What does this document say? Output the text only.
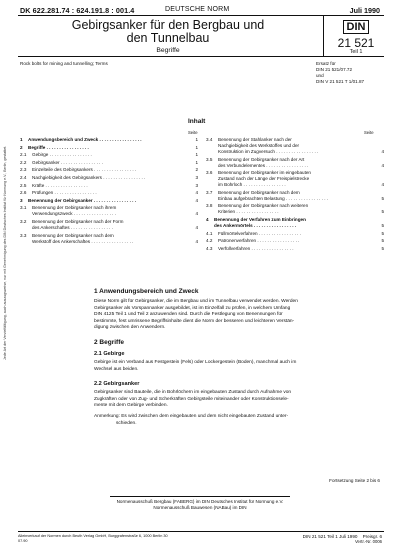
DK 622.281.74 : 624.191.8 : 001.4	DEUTSCHE NORM	Juli 1990
Gebirgsanker für den Bergbau und
den Tunnelbau
Begriffe
DIN
21 521
Teil 1
Rock bolts for mining and tunnelling; Terms	Ersatz für
DIN 21 521/07.72
und
DIN V 21 521 T 1/01.87
Inhalt
Seite	Seite
1 Anwendungsbereich und Zweck . . . . . . . . . . . . . . . . .	1
2 Begriffe . . . . . . . . . . . . . . . . .	1
2.1 Gebirge . . . . . . . . . . . . . . . . .	1
2.2 Gebirgsanker . . . . . . . . . . . . . . . . .	1
2.3 Einzelteile des Gebirgsankers . . . . . . . . . . . . . . . . .	2
2.4 Nachgiebigkeit des Gebirgsankers . . . . . . . . . . . . . . . . .	3
2.5 Kräfte . . . . . . . . . . . . . . . . .	3
2.6 Prüfungen . . . . . . . . . . . . . . . . .	4
3 Benennung der Gebirgsanker . . . . . . . . . . . . . . . . .	4
3.1 Benennung der Gebirgsanker nach ihrem
Verwendungszweck . . . . . . . . . . . . . . . . .	4
3.2 Benennung der Gebirgsanker nach der Form
des Ankerschaftes . . . . . . . . . . . . . . . . .	4
3.3 Benennung der Gebirgsanker nach dem
Werkstoff des Ankerschaftes . . . . . . . . . . . . . . . . .	4
3.4 Benennung der Stahlanker nach der
Nachgiebigkeit des Werkstoffes und der
Konstruktion im Zugversuch . . . . . . . . . . . . . . . . .	4
3.5 Benennung der Gebirgsanker nach der Art
des Verbundelementes . . . . . . . . . . . . . . . . .	4
3.6 Benennung der Gebirgsanker im eingebauten
Zustand nach der Länge der Freispielstrecke
im Bohrloch . . . . . . . . . . . . . . . . .	4
3.7 Benennung der Gebirgsanker nach dem
Einbau aufgebrachten Belastung . . . . . . . . . . . . . . . . .	5
3.8 Benennung der Gebirgsanker nach weiteren
Kriterien . . . . . . . . . . . . . . . . .	5
4 Benennung der Verfahren zum Einbringen
des Ankermörtels . . . . . . . . . . . . . . . . .	5
4.1 Füllmörtelverfahren . . . . . . . . . . . . . . . . .	5
4.2 Patronenverfahren . . . . . . . . . . . . . . . . .	5
4.3 Verfüllverfahren . . . . . . . . . . . . . . . . .	5
1 Anwendungsbereich und Zweck
Diese Norm gilt für Gebirgsanker, die im Bergbau und im Tunnelbau verwendet werden. Werden
Gebirgsanker als Vorspannanker ausgebildet, ist im Einzelfall zu prüfen, in welchem Umfang
DIN 4125 Teil 1 und Teil 2 anzuwenden sind. Durch die Festlegung von Benennungen für
bestimmte, fest umrissene Begriffsinhalte dient die Norm der besseren und leichteren Verstän-
digung zwischen den Anwendern.
2 Begriffe
2.1 Gebirge
Gebirge ist ein Verband aus Festgestein (Fels) oder Lockergestein (Boden), manchmal auch im
Wechsel aus beiden.
2.2 Gebirgsanker
Gebirgsanker sind Bauteile, die in Bohrlöchern im eingebauten Zustand durch Aufnahme von
Zugkräften oder von Zug- und Scherkräften Gebirgsteile miteinander oder Konstruktionsele-
mente mit dem Gebirge verbinden.
Anmerkung: Es wird zwischen dem eingebauten und dem nicht eingebauten Zustand unter-
schieden.
Fortsetzung Seite 2 bis 6
Normenausschuß Bergbau (FABERG) im DIN Deutsches Institut für Normung e.V.
Normenausschuß Bauwesen (NABau) im DIN
Alleinverkauf der Normen durch Beuth Verlag GmbH, Burggrafenstraße 6, 1000 Berlin 30
07.90
DIN 21 521 Teil 1 Juli 1990 Preisgr. 6
Vertr.-Nr. 0006
Jede Art der Vervielfältigung, auch auszugsweise, nur mit Genehmigung des DIN Deutsches Institut für Normung e.V., Berlin, gestattet.
